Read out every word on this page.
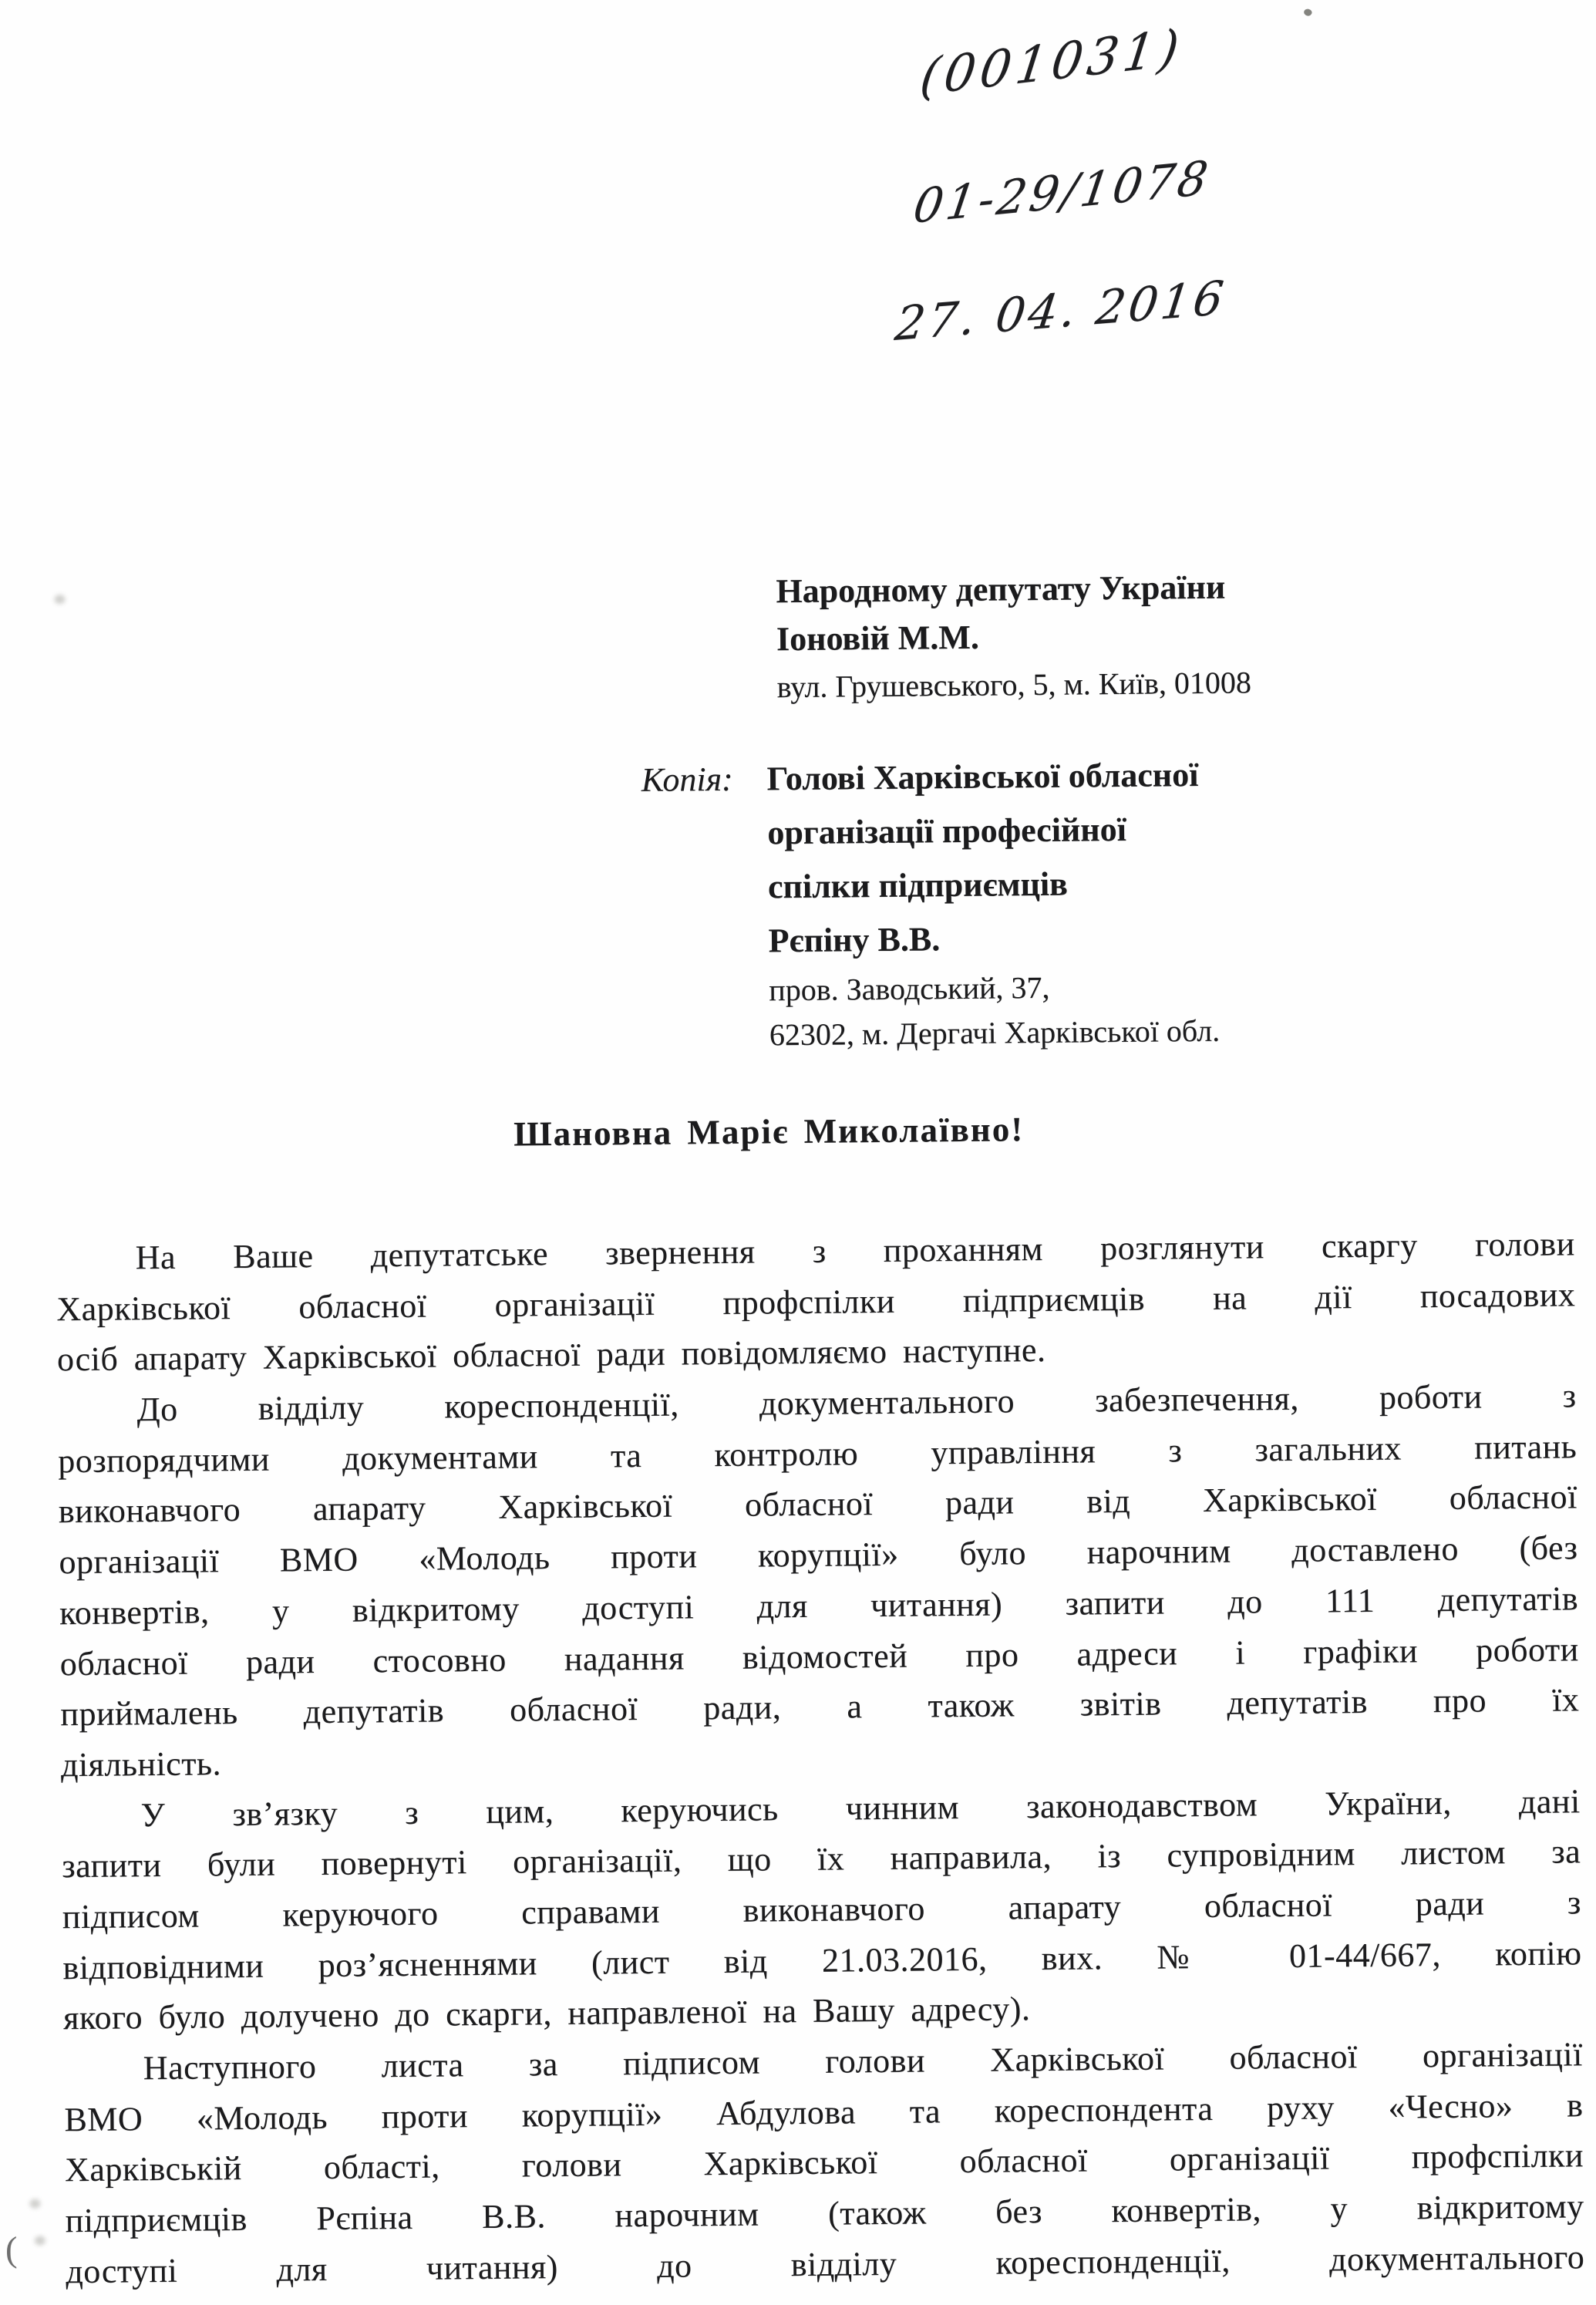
(001031)
01-29/1078
27. 04. 2016
Народному депутату України
Іоновій М.М.
вул. Грушевського, 5, м. Київ, 01008
Копія: Голові Харківської обласної
організації професійної
спілки підприємців
Рєпіну В.В.
пров. Заводський, 37,
62302, м. Дергачі Харківської обл.
Шановна Маріє Миколаївно!
На Ваше депутатське звернення з проханням розглянути скаргу голови
Харківської обласної організації профспілки підприємців на дії посадових
осіб апарату Харківської обласної ради повідомляємо наступне.
До відділу кореспонденції, документального забезпечення, роботи з
розпорядчими документами та контролю управління з загальних питань
виконавчого апарату Харківської обласної ради від Харківської обласної
організації ВМО «Молодь проти корупції» було нарочним доставлено (без
конвертів, у відкритому доступі для читання) запити до 111 депутатів
обласної ради стосовно надання відомостей про адреси і графіки роботи
приймалень депутатів обласної ради, а також звітів депутатів про їх
діяльність.
У зв’язку з цим, керуючись чинним законодавством України, дані
запити були повернуті організації, що їх направила, із супровідним листом за
підписом керуючого справами виконавчого апарату обласної ради з
відповідними роз’ясненнями (лист від 21.03.2016, вих. № 01-44/667, копію
якого було долучено до скарги, направленої на Вашу адресу).
Наступного листа за підписом голови Харківської обласної організації
ВМО «Молодь проти корупції» Абдулова та кореспондента руху «Чесно» в
Харківській області, голови Харківської обласної організації профспілки
підприємців Рєпіна В.В. нарочним (також без конвертів, у відкритому
доступі для читання) до відділу кореспонденції, документального
(
